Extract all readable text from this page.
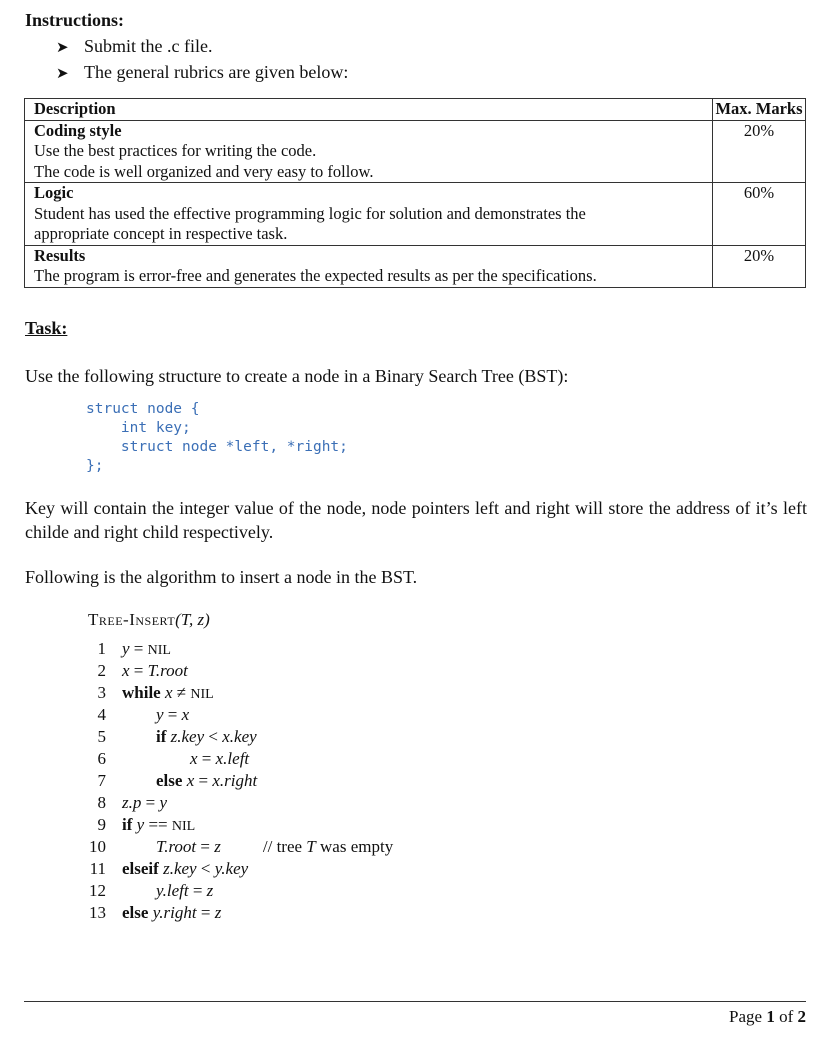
Instructions:
➤ Submit the .c file.
➤ The general rubrics are given below:
Description	Max. Marks

Coding style
Use the best practices for writing the code.
The code is well organized and very easy to follow.	20%

Logic
Student has used the effective programming logic for solution and demonstrates the
appropriate concept in respective task.	60%

Results
The program is error-free and generates the expected results as per the specifications.	20%
Task:
Use the following structure to create a node in a Binary Search Tree (BST):
struct node {
int key;
struct node *left, *right;
};
Key will contain the integer value of the node, node pointers left and right will store the address of it’s left childe and right child respectively.
Following is the algorithm to insert a node in the BST.
Tree-Insert(T, z)
1 y = NIL
2 x = T.root
3 while x ≠ NIL
4	y = x
5	if z.key < x.key
6	x = x.left
7	else x = x.right
8 z.p = y
9 if y == NIL
10	T.root = z // tree T was empty
11 elseif z.key < y.key
12	y.left = z
13 else y.right = z
Page 1 of 2
